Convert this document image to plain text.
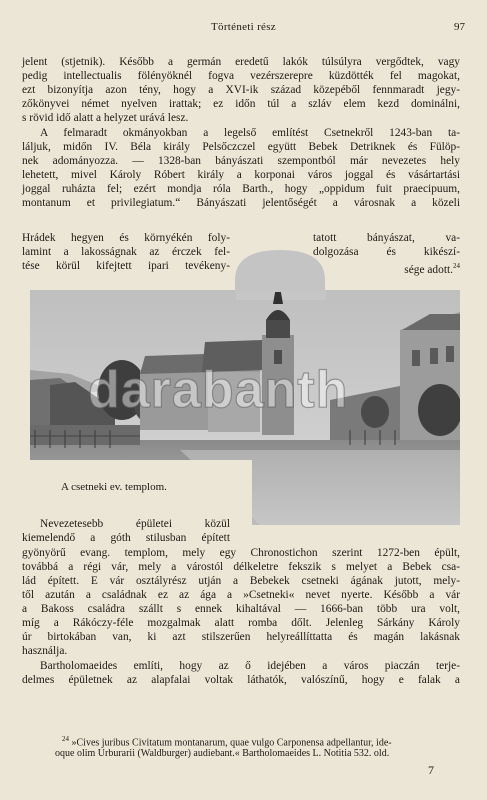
Történeti rész	97
jelent (stjetnik). Később a germán eredetű lakók túlsúlyra vergődtek, vagy
pedig intellectualis fölényöknél fogva vezérszerepre küzdötték fel magokat,
ezt bizonyítja azon tény, hogy a XVI-ik század közepéből fennmaradt jegy-
zőkönyvei német nyelven irattak; ez időn túl a szláv elem kezd dominálni,
s rövid idő alatt a helyzet urává lesz.
A felmaradt okmányokban a legelső említést Csetnekről 1243-ban ta-
láljuk, midőn IV. Béla király Pelsőczczel együtt Bebek Detriknek és Fülöp-
nek adományozza. — 1328-ban bányászati szempontból már nevezetes hely
lehetett, mivel Károly Róbert király a korponai város joggal és vásártartási
joggal ruházta fel; ezért mondja róla Barth., hogy „oppidum fuit praecipuum,
montanum et privilegiatum.“ Bányászati jelentőségét a városnak a közeli
Hrádek hegyen és környékén foly-
lamint a lakosságnak az érczek fel-
tése körül kifejtett ipari tevékeny-
tatott bányászat, va-
dolgozása és kikészí-
sége adott.$^{24}$
A csetneki ev. templom.
darabanth
Nevezetesebb épületei közül
kiemelendő a góth stilusban épített
gyönyörű evang. templom, mely egy Chronostichon szerint 1272-ben épült,
továbbá a régi vár, mely a várostól délkeletre fekszik s melyet a Bebek csa-
lád épített. E vár osztályrész utján a Bebekek csetneki ágának jutott, mely-
től azután a családnak ez az ága a »Csetneki« nevet nyerte. Később a vár
a Bakoss családra szállt s ennek kihaltával — 1666-ban több ura volt,
míg a Rákóczy-féle mozgalmak alatt romba dőlt. Jelenleg Sárkány Károly
úr birtokában van, ki azt stilszerűen helyreállíttatta és magán lakásnak
használja.
Bartholomaeides említi, hogy az ő idejében a város piaczán terje-
delmes épületnek az alapfalai voltak láthatók, valószínű, hogy e falak a
$^{24}$ »Cives juribus Civitatum montanarum, quae vulgo Carponensa adpellantur, ide-
oque olim Urburarii (Waldburger) audiebant.« Bartholomaeides L. Notitia 532. old.
7
